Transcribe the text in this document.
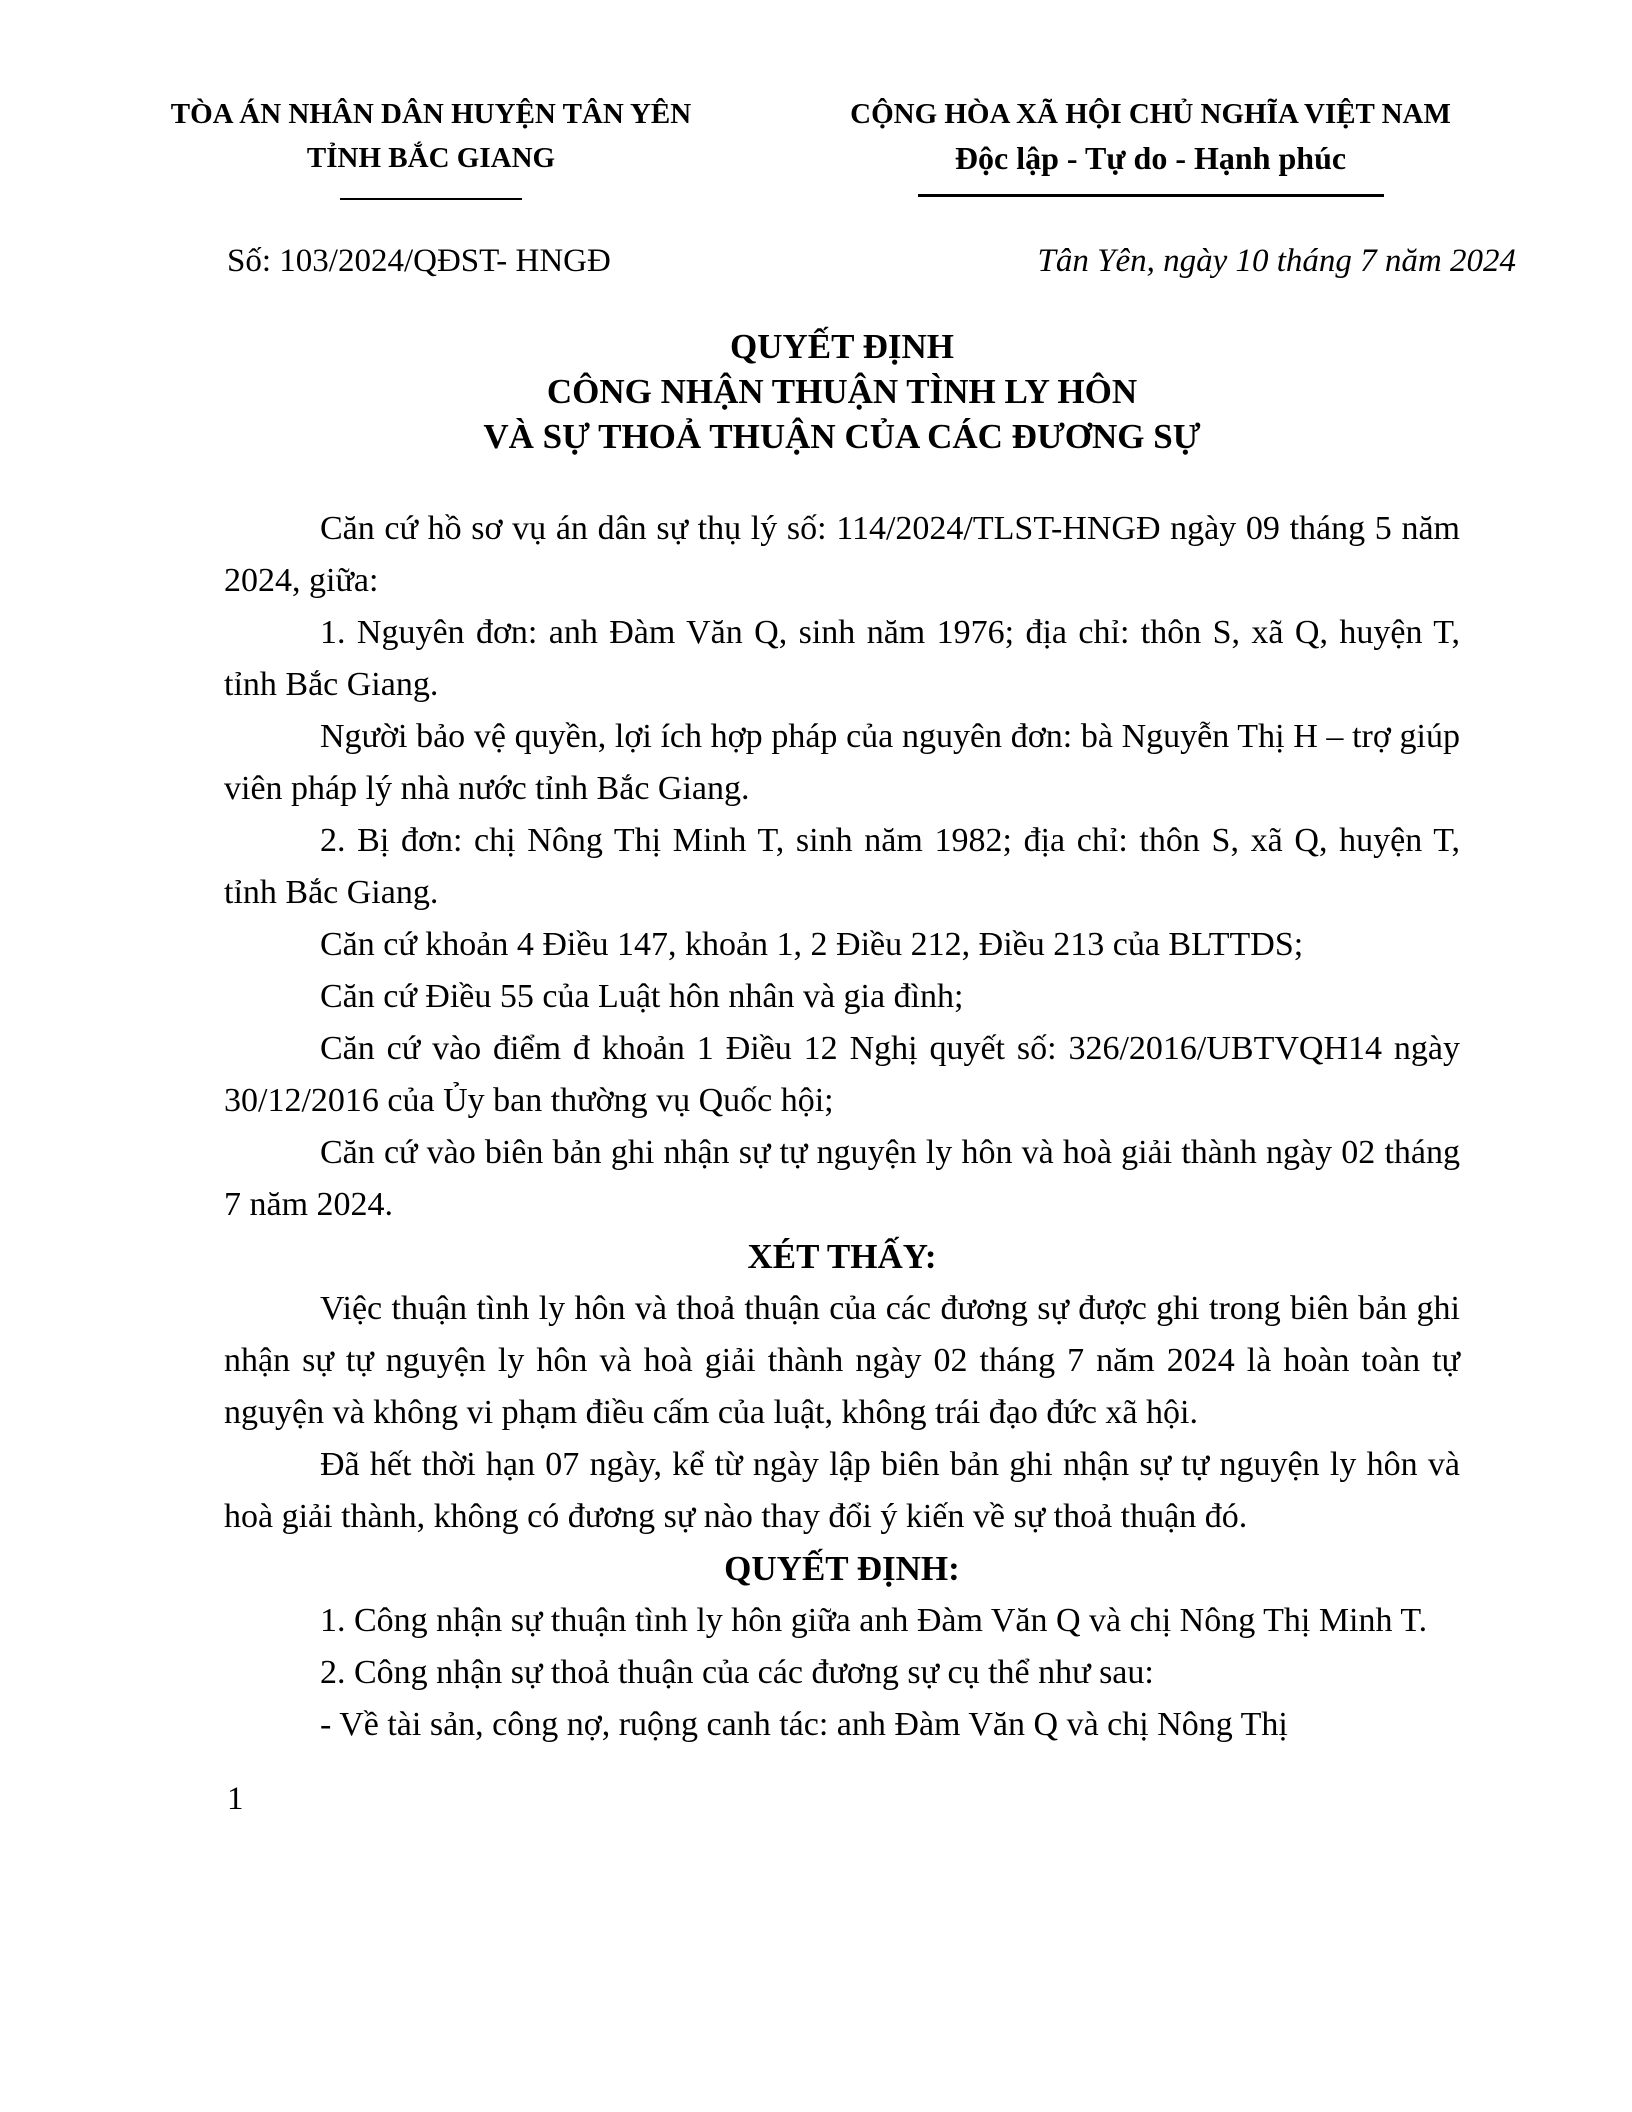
TÒA ÁN NHÂN DÂN HUYỆN TÂN YÊN
TỈNH BẮC GIANG
CỘNG HÒA XÃ HỘI CHỦ NGHĨA VIỆT NAM
Độc lập - Tự do - Hạnh phúc
Số: 103/2024/QĐST- HNGĐ	Tân Yên, ngày 10 tháng 7 năm 2024
QUYẾT ĐỊNH
CÔNG NHẬN THUẬN TÌNH LY HÔN
VÀ SỰ THOẢ THUẬN CỦA CÁC ĐƯƠNG SỰ

Căn cứ hồ sơ vụ án dân sự thụ lý số: 114/2024/TLST-HNGĐ ngày 09 tháng 5 năm 2024, giữa:

1. Nguyên đơn: anh Đàm Văn Q, sinh năm 1976; địa chỉ: thôn S, xã Q, huyện T, tỉnh Bắc Giang.

Người bảo vệ quyền, lợi ích hợp pháp của nguyên đơn: bà Nguyễn Thị H – trợ giúp viên pháp lý nhà nước tỉnh Bắc Giang.

2. Bị đơn: chị Nông Thị Minh T, sinh năm 1982; địa chỉ: thôn S, xã Q, huyện T, tỉnh Bắc Giang.

Căn cứ khoản 4 Điều 147, khoản 1, 2 Điều 212, Điều 213 của BLTTDS;

Căn cứ Điều 55 của Luật hôn nhân và gia đình;

Căn cứ vào điểm đ khoản 1 Điều 12 Nghị quyết số: 326/2016/UBTVQH14 ngày 30/12/2016 của Ủy ban thường vụ Quốc hội;

Căn cứ vào biên bản ghi nhận sự tự nguyện ly hôn và hoà giải thành ngày 02 tháng 7 năm 2024.

XÉT THẤY:

Việc thuận tình ly hôn và thoả thuận của các đương sự được ghi trong biên bản ghi nhận sự tự nguyện ly hôn và hoà giải thành ngày 02 tháng 7 năm 2024 là hoàn toàn tự nguyện và không vi phạm điều cấm của luật, không trái đạo đức xã hội.

Đã hết thời hạn 07 ngày, kể từ ngày lập biên bản ghi nhận sự tự nguyện ly hôn và hoà giải thành, không có đương sự nào thay đổi ý kiến về sự thoả thuận đó.

QUYẾT ĐỊNH:

1. Công nhận sự thuận tình ly hôn giữa anh Đàm Văn Q và chị Nông Thị Minh T.

2. Công nhận sự thoả thuận của các đương sự cụ thể như sau:

- Về tài sản, công nợ, ruộng canh tác: anh Đàm Văn Q và chị Nông Thị

1
